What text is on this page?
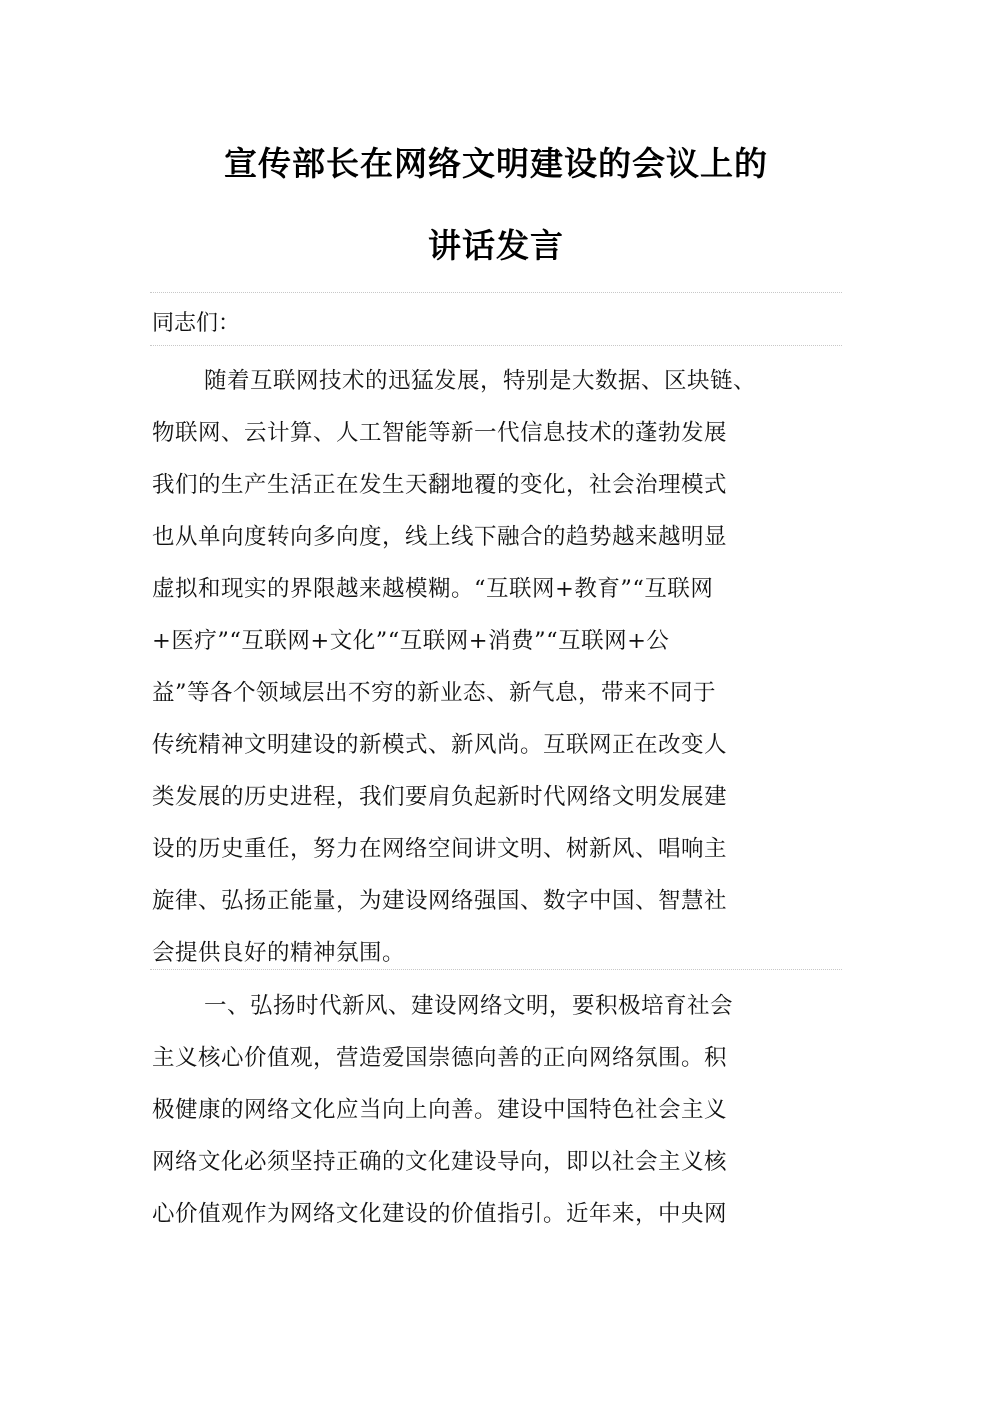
宣传部长在网络文明建设的会议上的
讲话发言
同志们：
随着互联网技术的迅猛发展，特别是大数据、区块链、
物联网、云计算、人工智能等新一代信息技术的蓬勃发展
我们的生产生活正在发生天翻地覆的变化，社会治理模式
也从单向度转向多向度，线上线下融合的趋势越来越明显
虚拟和现实的界限越来越模糊。“互联网+教育”“互联网
+医疗”“互联网+文化”“互联网+消费”“互联网+公
益”等各个领域层出不穷的新业态、新气息，带来不同于
传统精神文明建设的新模式、新风尚。互联网正在改变人
类发展的历史进程，我们要肩负起新时代网络文明发展建
设的历史重任，努力在网络空间讲文明、树新风、唱响主
旋律、弘扬正能量，为建设网络强国、数字中国、智慧社
会提供良好的精神氛围。
一、弘扬时代新风、建设网络文明，要积极培育社会
主义核心价值观，营造爱国崇德向善的正向网络氛围。积
极健康的网络文化应当向上向善。建设中国特色社会主义
网络文化必须坚持正确的文化建设导向，即以社会主义核
心价值观作为网络文化建设的价值指引。近年来，中央网
